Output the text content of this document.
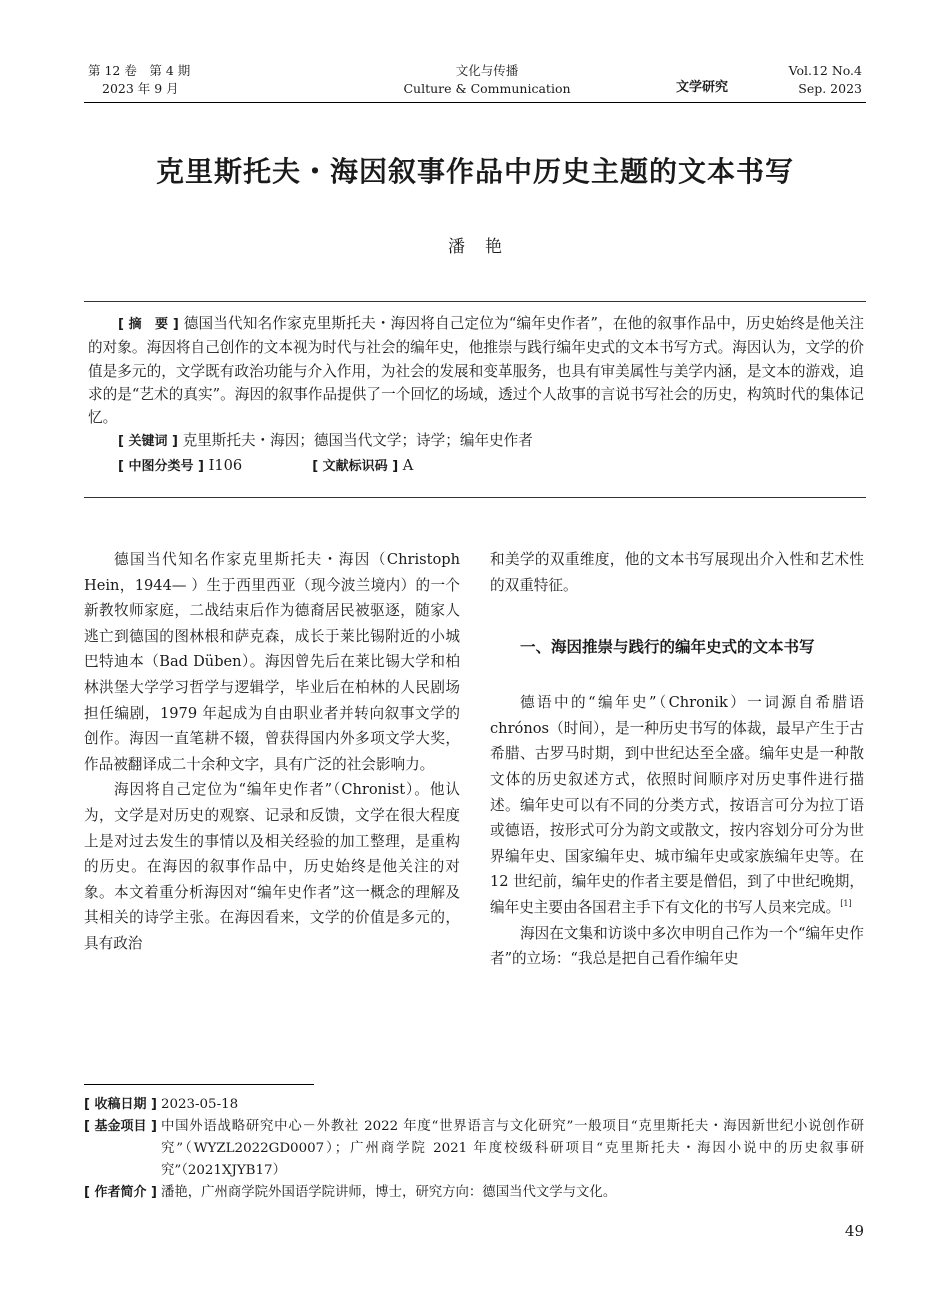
第 12 卷　第 4 期
2023 年 9 月
文化与传播
Culture & Communication	文学研究
Vol.12 No.4
Sep. 2023
克里斯托夫・海因叙事作品中历史主题的文本书写
潘艳

[ 摘　要 ] 德国当代知名作家克里斯托夫・海因将自己定位为“编年史作者”，在他的叙事作品中，历史始终是他关注的对象。海因将自己创作的文本视为时代与社会的编年史，他推崇与践行编年史式的文本书写方式。海因认为，文学的价值是多元的，文学既有政治功能与介入作用，为社会的发展和变革服务，也具有审美属性与美学内涵，是文本的游戏，追求的是“艺术的真实”。海因的叙事作品提供了一个回忆的场域，透过个人故事的言说书写社会的历史，构筑时代的集体记忆。

[ 关键词 ] 克里斯托夫・海因；德国当代文学；诗学；编年史作者

[ 中图分类号 ] I106	[ 文献标识码 ] A

德国当代知名作家克里斯托夫・海因（Christoph Hein，1944— ）生于西里西亚（现今波兰境内）的一个新教牧师家庭，二战结束后作为德裔居民被驱逐，随家人逃亡到德国的图林根和萨克森，成长于莱比锡附近的小城巴特迪本（Bad Düben）。海因曾先后在莱比锡大学和柏林洪堡大学学习哲学与逻辑学，毕业后在柏林的人民剧场担任编剧，1979 年起成为自由职业者并转向叙事文学的创作。海因一直笔耕不辍，曾获得国内外多项文学大奖，作品被翻译成二十余种文字，具有广泛的社会影响力。

海因将自己定位为“编年史作者”（Chronist）。他认为，文学是对历史的观察、记录和反馈，文学在很大程度上是对过去发生的事情以及相关经验的加工整理，是重构的历史。在海因的叙事作品中，历史始终是他关注的对象。本文着重分析海因对“编年史作者”这一概念的理解及其相关的诗学主张。在海因看来，文学的价值是多元的，具有政治

和美学的双重维度，他的文本书写展现出介入性和艺术性的双重特征。

一、海因推崇与践行的编年史式的文本书写

德语中的“编年史”（Chronik）一词源自希腊语 chrónos（时间），是一种历史书写的体裁，最早产生于古希腊、古罗马时期，到中世纪达至全盛。编年史是一种散文体的历史叙述方式，依照时间顺序对历史事件进行描述。编年史可以有不同的分类方式，按语言可分为拉丁语或德语，按形式可分为韵文或散文，按内容划分可分为世界编年史、国家编年史、城市编年史或家族编年史等。在 12 世纪前，编年史的作者主要是僧侣，到了中世纪晚期，编年史主要由各国君主手下有文化的书写人员来完成。[1]

海因在文集和访谈中多次申明自己作为一个“编年史作者”的立场：“我总是把自己看作编年史

[ 收稿日期 ] 2023-05-18
[ 基金项目 ] 中国外语战略研究中心－外教社 2022 年度“世界语言与文化研究”一般项目“克里斯托夫・海因新世纪小说创作研究”（WYZL2022GD0007）；广州商学院 2021 年度校级科研项目“克里斯托夫・海因小说中的历史叙事研究”（2021XJYB17）
[ 作者简介 ] 潘艳，广州商学院外国语学院讲师，博士，研究方向：德国当代文学与文化。
49
